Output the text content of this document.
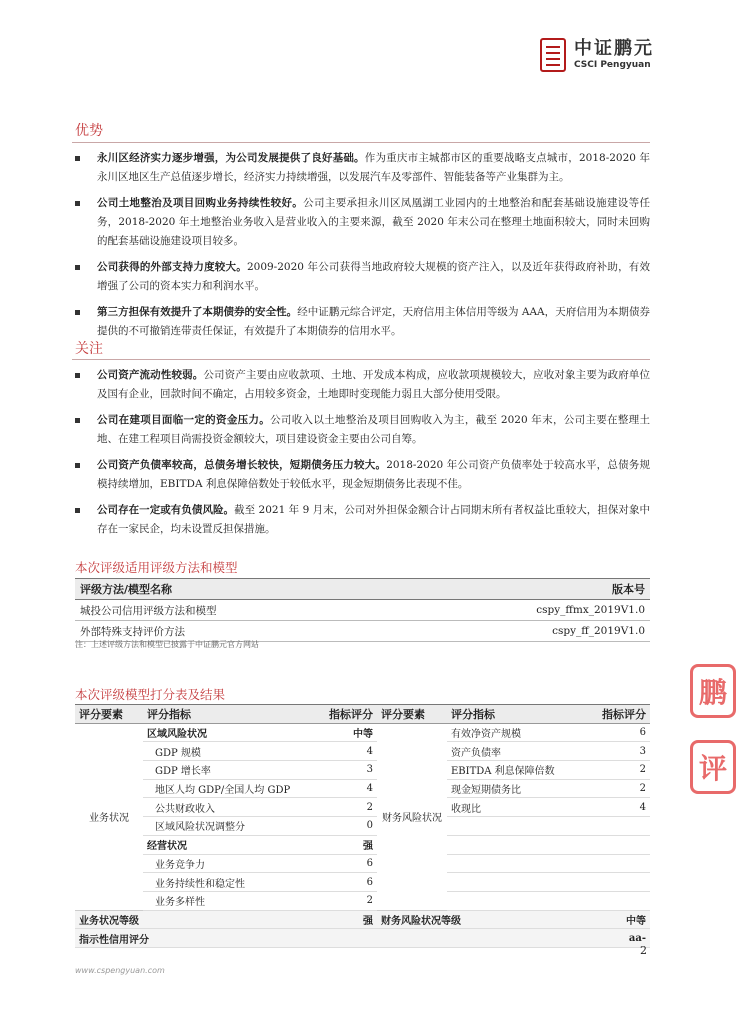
中证鹏元
CSCI Pengyuan
优势
永川区经济实力逐步增强，为公司发展提供了良好基础。作为重庆市主城都市区的重要战略支点城市，2018-2020 年永川区地区生产总值逐步增长，经济实力持续增强，以发展汽车及零部件、智能装备等产业集群为主。
公司土地整治及项目回购业务持续性较好。公司主要承担永川区凤凰湖工业园内的土地整治和配套基础设施建设等任务，2018-2020 年土地整治业务收入是营业收入的主要来源，截至 2020 年末公司在整理土地面积较大，同时未回购的配套基础设施建设项目较多。
公司获得的外部支持力度较大。2009-2020 年公司获得当地政府较大规模的资产注入，以及近年获得政府补助，有效增强了公司的资本实力和利润水平。
第三方担保有效提升了本期债券的安全性。经中证鹏元综合评定，天府信用主体信用等级为 AAA，天府信用为本期债券提供的不可撤销连带责任保证，有效提升了本期债券的信用水平。
关注
公司资产流动性较弱。公司资产主要由应收款项、土地、开发成本构成，应收款项规模较大，应收对象主要为政府单位及国有企业，回款时间不确定，占用较多资金，土地即时变现能力弱且大部分使用受限。
公司在建项目面临一定的资金压力。公司收入以土地整治及项目回购收入为主，截至 2020 年末，公司主要在整理土地、在建工程项目尚需投资金额较大，项目建设资金主要由公司自筹。
公司资产负债率较高，总债务增长较快，短期债务压力较大。2018-2020 年公司资产负债率处于较高水平，总债务规模持续增加，EBITDA 利息保障倍数处于较低水平，现金短期债务比表现不佳。
公司存在一定或有负债风险。截至 2021 年 9 月末，公司对外担保金额合计占同期末所有者权益比重较大，担保对象中存在一家民企，均未设置反担保措施。
本次评级适用评级方法和模型
评级方法/模型名称	版本号
城投公司信用评级方法和模型	cspy_ffmx_2019V1.0
外部特殊支持评价方法	cspy_ff_2019V1.0
注：上述评级方法和模型已披露于中证鹏元官方网站
本次评级模型打分表及结果
评分要素	评分指标	指标评分	评分要素	评分指标	指标评分
业务状况	区域风险状况	中等	财务风险状况	有效净资产规模	6
	GDP 规模	4		资产负债率	3
	GDP 增长率	3		EBITDA 利息保障倍数	2
	地区人均 GDP/全国人均 GDP	4		现金短期债务比	2
	公共财政收入	2		收现比	4
	区域风险状况调整分	0			
	经营状况	强			
	业务竞争力	6			
	业务持续性和稳定性	6			
	业务多样性	2			
业务状况等级		强	财务风险状况等级		中等
指示性信用评分					aa-
鹏
评
2
www.cspengyuan.com
